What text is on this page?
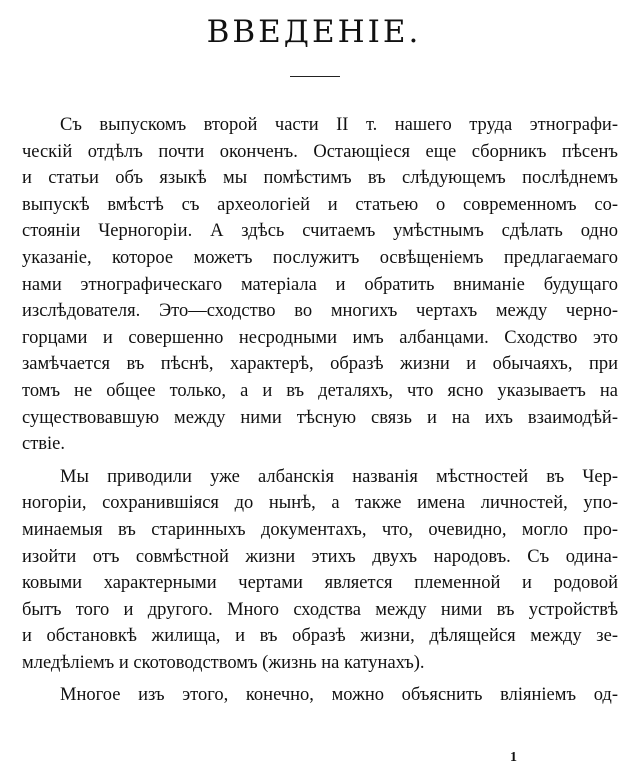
ВВЕДЕНІЕ.
Съ выпускомъ второй части II т. нашего труда этнографи-
ческій отдѣлъ почти оконченъ. Остающіеся еще сборникъ пѣсенъ
и статьи объ языкѣ мы помѣстимъ въ слѣдующемъ послѣднемъ
выпускѣ вмѣстѣ съ археологіей и статьею о современномъ со-
стояніи Черногоріи. А здѣсь считаемъ умѣстнымъ сдѣлать одно
указаніе, которое можетъ послужитъ освѣщеніемъ предлагаемаго
нами этнографическаго матеріала и обратить вниманіе будущаго
изслѣдователя. Это—сходство во многихъ чертахъ между черно-
горцами и совершенно несродными имъ албанцами. Сходство это
замѣчается въ пѣснѣ, характерѣ, образѣ жизни и обычаяхъ, при
томъ не общее только, а и въ деталяхъ, что ясно указываетъ на
существовавшую между ними тѣсную связь и на ихъ взаимодѣй-
ствіе.
Мы приводили уже албанскія названія мѣстностей въ Чер-
ногоріи, сохранившіяся до нынѣ, а также имена личностей, упо-
минаемыя въ старинныхъ документахъ, что, очевидно, могло про-
изойти отъ совмѣстной жизни этихъ двухъ народовъ. Съ одина-
ковыми характерными чертами является племенной и родовой
бытъ того и другого. Много сходства между ними въ устройствѣ
и обстановкѣ жилища, и въ образѣ жизни, дѣлящейся между зе-
мледѣліемъ и скотоводствомъ (жизнь на катунахъ).
Многое изъ этого, конечно, можно объяснить вліяніемъ од-
1
